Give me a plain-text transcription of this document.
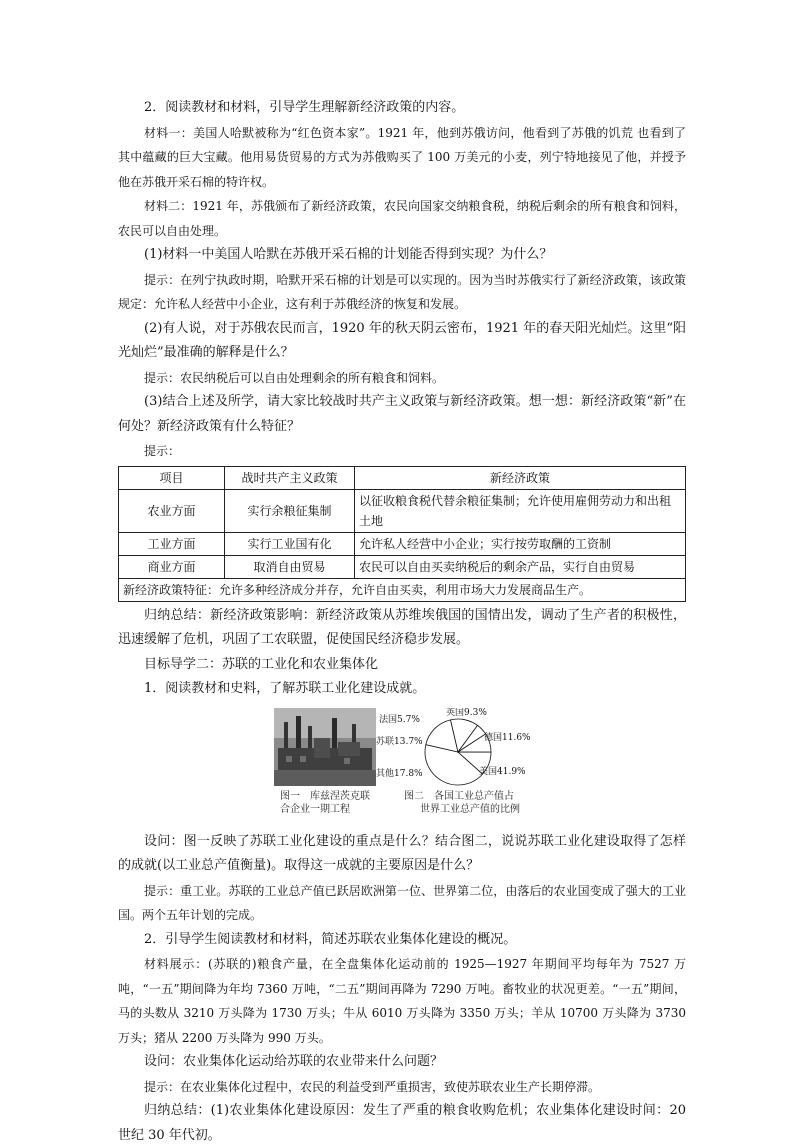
2．阅读教材和材料，引导学生理解新经济政策的内容。

材料一：美国人哈默被称为“红色资本家”。1921 年，他到苏俄访问，他看到了苏俄的饥荒 也看到了其中蕴藏的巨大宝藏。他用易货贸易的方式为苏俄购买了 100 万美元的小麦，列宁特地接见了他，并授予他在苏俄开采石棉的特许权。

材料二：1921 年，苏俄颁布了新经济政策，农民向国家交纳粮食税，纳税后剩余的所有粮食和饲料，农民可以自由处理。

(1)材料一中美国人哈默在苏俄开采石棉的计划能否得到实现？为什么？

提示：在列宁执政时期，哈默开采石棉的计划是可以实现的。因为当时苏俄实行了新经济政策，该政策规定：允许私人经营中小企业，这有利于苏俄经济的恢复和发展。

(2)有人说，对于苏俄农民而言，1920 年的秋天阴云密布，1921 年的春天阳光灿烂。这里“阳光灿烂”最准确的解释是什么？

提示：农民纳税后可以自由处理剩余的所有粮食和饲料。

(3)结合上述及所学，请大家比较战时共产主义政策与新经济政策。想一想：新经济政策“新”在何处？新经济政策有什么特征？

提示：

项目	战时共产主义政策	新经济政策
农业方面	实行余粮征集制	以征收粮食税代替余粮征集制；允许使用雇佣劳动力和出租土地
工业方面	实行工业国有化	允许私人经营中小企业；实行按劳取酬的工资制
商业方面	取消自由贸易	农民可以自由买卖纳税后的剩余产品，实行自由贸易
新经济政策特征：允许多种经济成分并存，允许自由买卖，利用市场大力发展商品生产。		

归纳总结：新经济政策影响：新经济政策从苏维埃俄国的国情出发，调动了生产者的积极性，迅速缓解了危机，巩固了工农联盟，促使国民经济稳步发展。

目标导学二：苏联的工业化和农业集体化

1．阅读教材和史料，了解苏联工业化建设成就。

图一　库兹涅茨克联
合企业一期工程
法国5.7%
英国9.3%
德国11.6%
苏联13.7%
其他17.8%	美国41.9%
图二　各国工业总产值占
世界工业总产值的比例

设问：图一反映了苏联工业化建设的重点是什么？结合图二，说说苏联工业化建设取得了怎样的成就(以工业总产值衡量)。取得这一成就的主要原因是什么？

提示：重工业。苏联的工业总产值已跃居欧洲第一位、世界第二位，由落后的农业国变成了强大的工业国。两个五年计划的完成。

2．引导学生阅读教材和材料，简述苏联农业集体化建设的概况。

材料展示：(苏联的)粮食产量，在全盘集体化运动前的 1925—1927 年期间平均每年为 7527 万吨，“一五”期间降为年均 7360 万吨，“二五”期间再降为 7290 万吨。畜牧业的状况更差。“一五”期间，马的头数从 3210 万头降为 1730 万头；牛从 6010 万头降为 3350 万头；羊从 10700 万头降为 3730 万头；猪从 2200 万头降为 990 万头。

设问：农业集体化运动给苏联的农业带来什么问题？

提示：在农业集体化过程中，农民的利益受到严重损害，致使苏联农业生产长期停滞。

归纳总结：(1)农业集体化建设原因：发生了严重的粮食收购危机；农业集体化建设时间：20 世纪 30 年代初。
